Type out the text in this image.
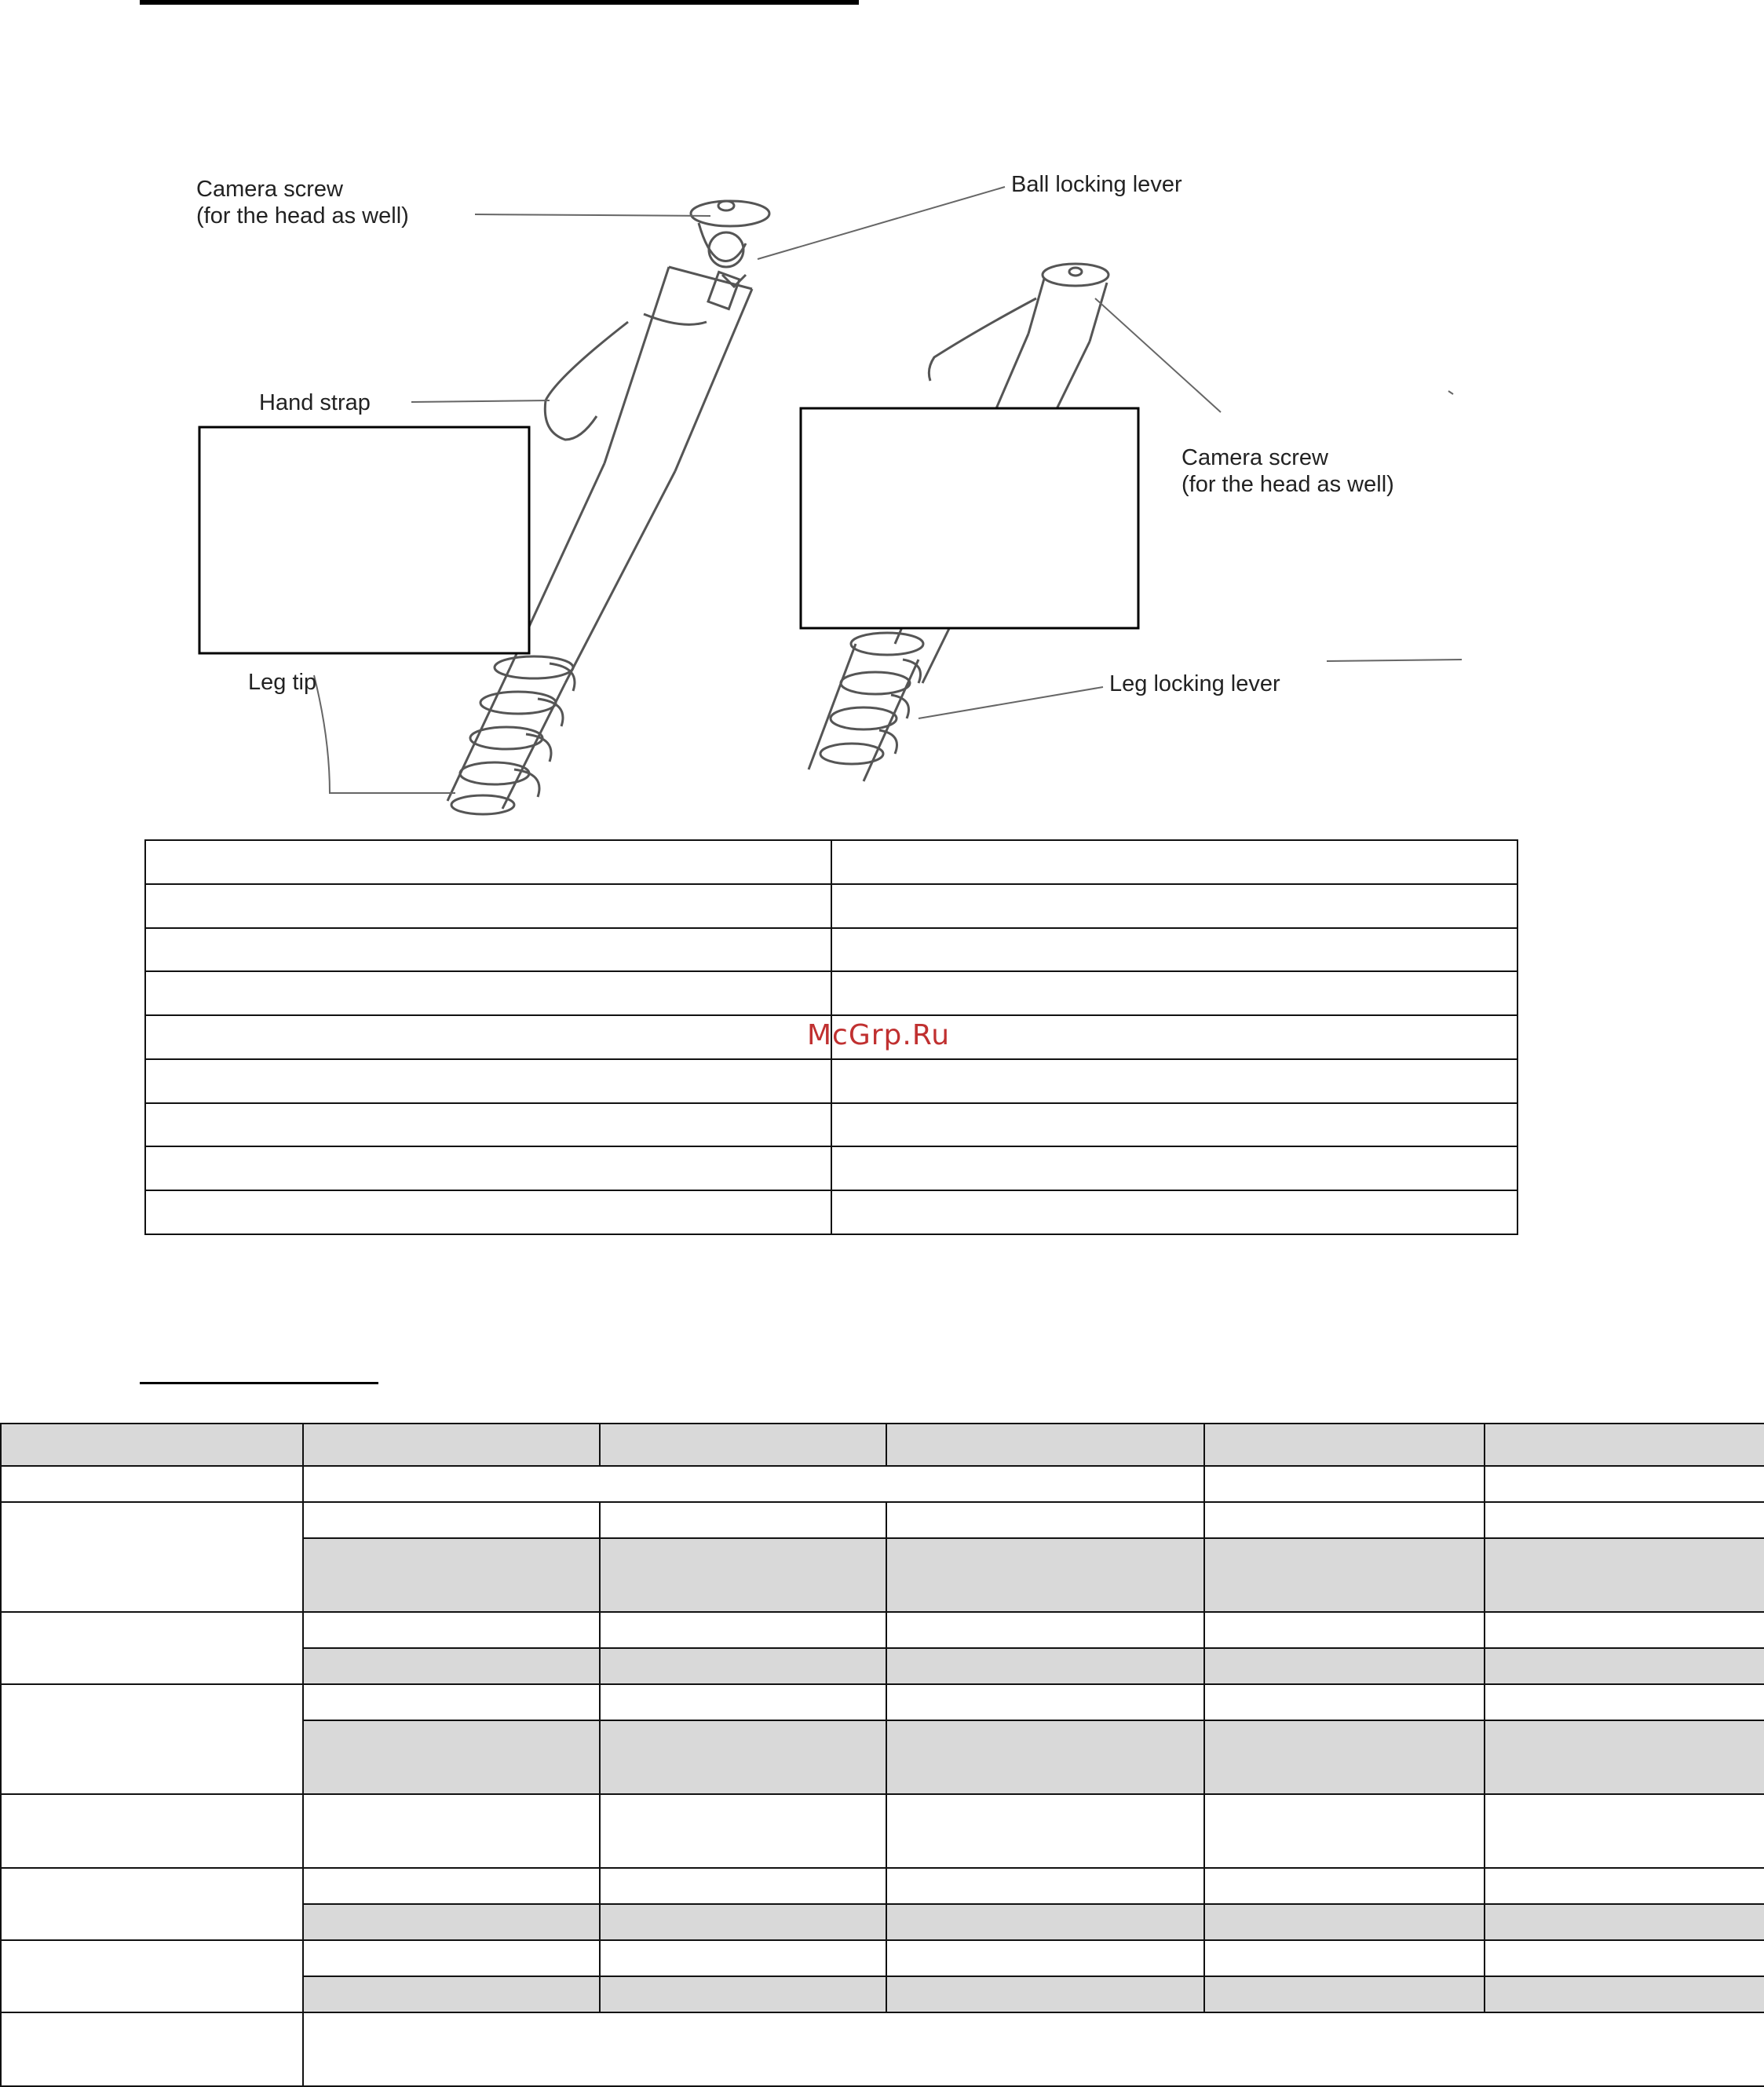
Camera screw
(for the head as well)
Ball locking lever
Hand strap
Leg tip
Camera screw
(for the head as well)
Leg locking lever

McGrp.Ru
